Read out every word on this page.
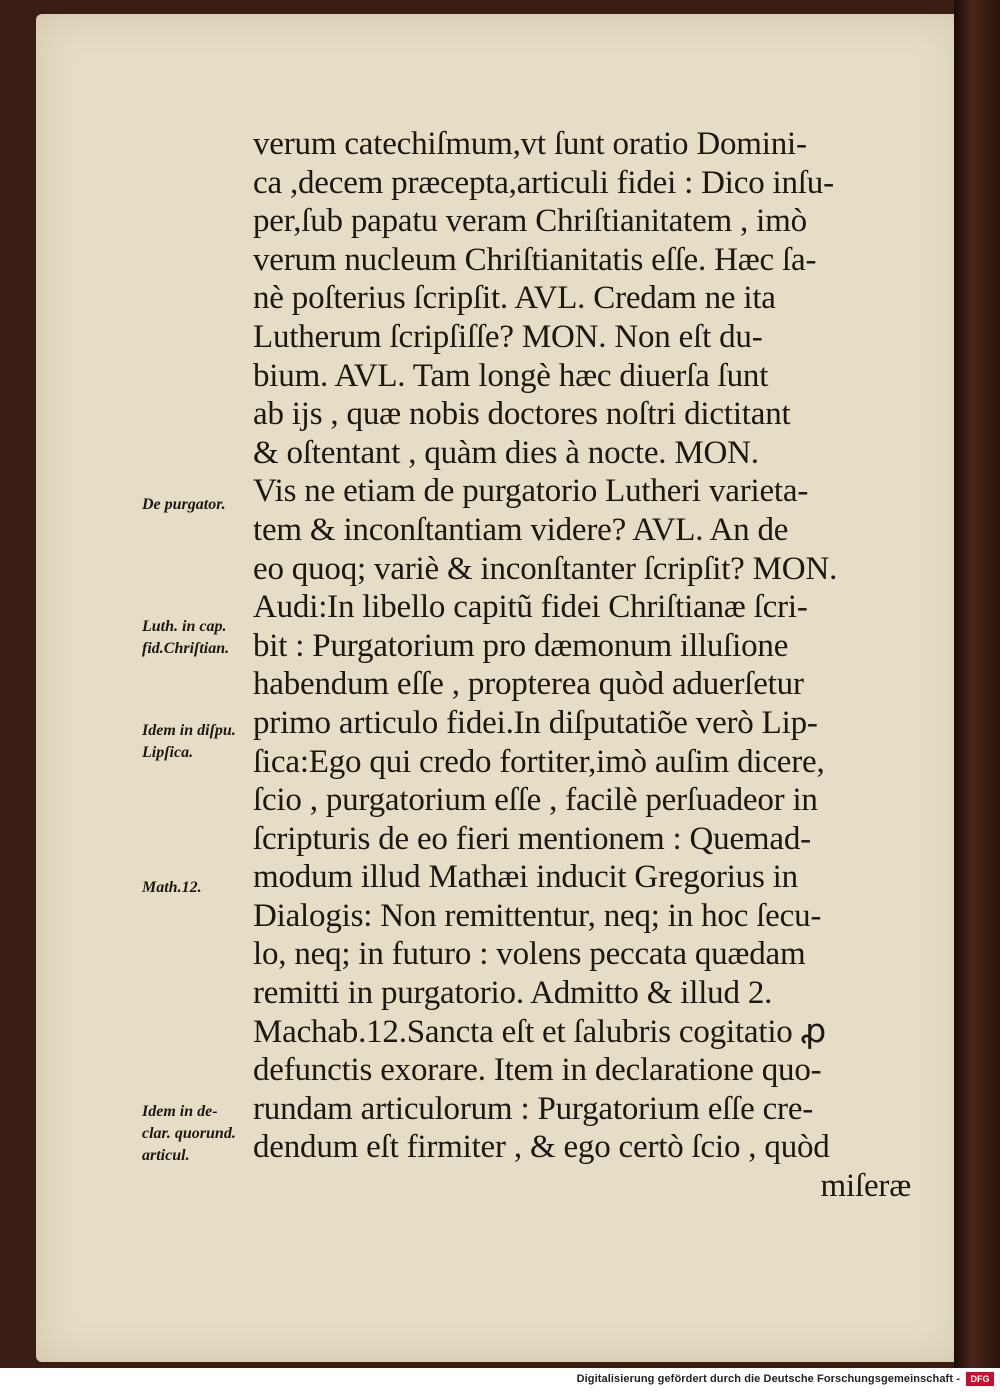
verum catechiſmum,vt ſunt oratio Domini-
ca ,decem præcepta,articuli fidei : Dico inſu-
per,ſub papatu veram Chriſtianitatem , imò
verum nucleum Chriſtianitatis eſſe. Hæc ſa-
nè poſterius ſcripſit. AVL. Credam ne ita
Lutherum ſcripſiſſe? MON. Non eſt du-
bium. AVL. Tam longè hæc diuerſa ſunt
ab ijs , quæ nobis doctores noſtri dictitant
& oſtentant , quàm dies à nocte. MON.
Vis ne etiam de purgatorio Lutheri varieta-
tem & inconſtantiam videre? AVL. An de
eo quoq; variè & inconſtanter ſcripſit? MON.
Audi:In libello capitũ fidei Chriſtianæ ſcri-
bit : Purgatorium pro dæmonum illuſione
habendum eſſe , propterea quòd aduerſetur
primo articulo fidei.In diſputatiõe verò Lip-
ſica:Ego qui credo fortiter,imò auſim dicere,
ſcio , purgatorium eſſe , facilè perſuadeor in
ſcripturis de eo fieri mentionem : Quemad-
modum illud Mathæi inducit Gregorius in
Dialogis: Non remittentur, neq; in hoc ſecu-
lo, neq; in futuro : volens peccata quædam
remitti in purgatorio. Admitto & illud 2.
Machab.12.Sancta eſt et ſalubris cogitatio ꝓ
defunctis exorare. Item in declaratione quo-
rundam articulorum : Purgatorium eſſe cre-
dendum eſt firmiter , & ego certò ſcio , quòd
miſeræ
De purgator.
Luth. in cap.
fid.Chriſtian.
Idem in diſpu.
Lipſica.
Math.12.
Idem in de-
clar. quorund.
articul.
Digitalisierung gefördert durch die Deutsche Forschungsgemeinschaft -	DFG
